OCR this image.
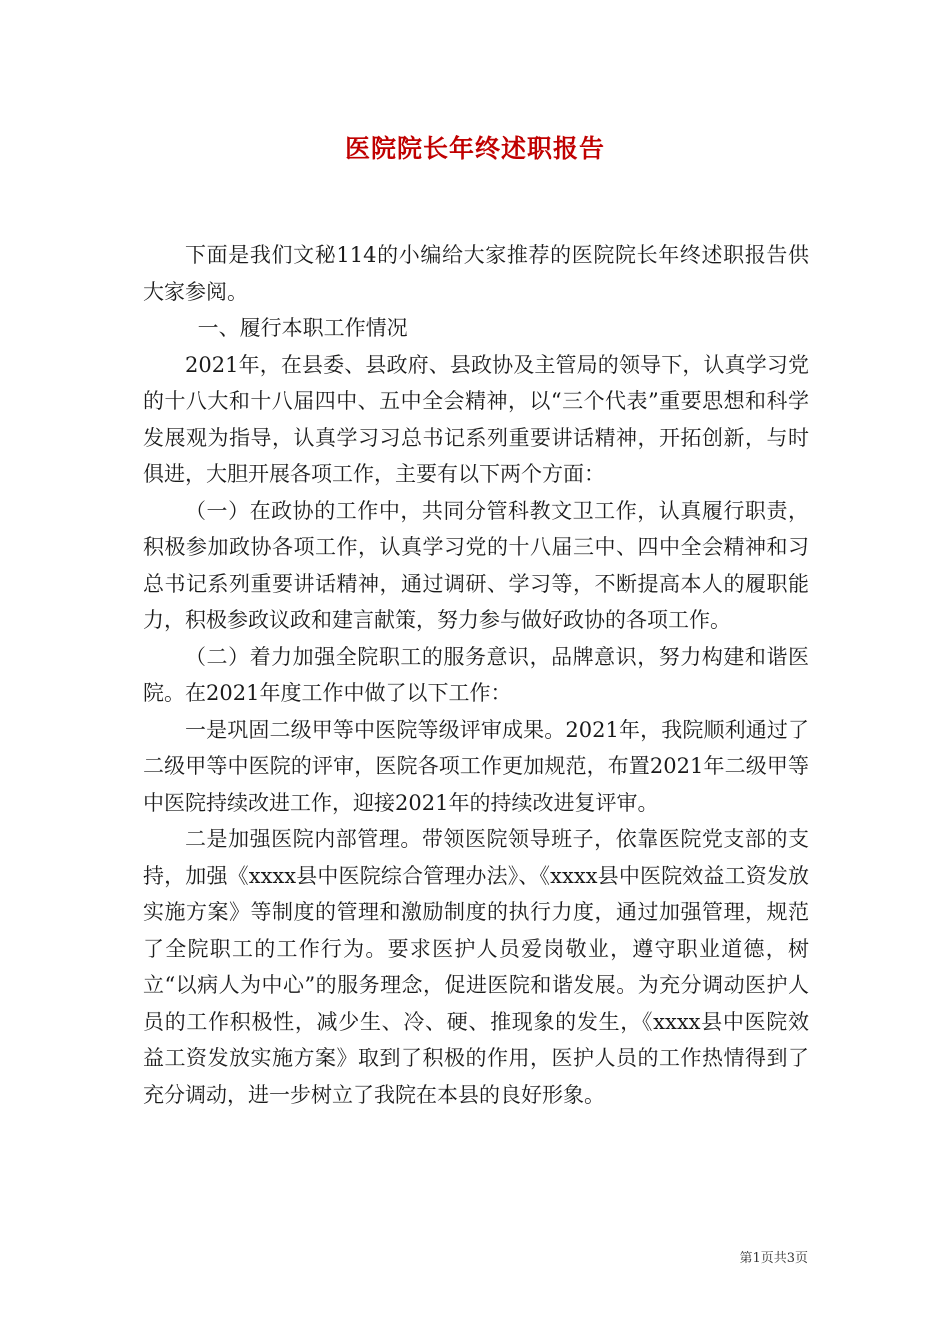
医院院长年终述职报告

下面是我们文秘114的小编给大家推荐的医院院长年终述职报告供大家参阅。

一、履行本职工作情况

2021年，在县委、县政府、县政协及主管局的领导下，认真学习党的十八大和十八届四中、五中全会精神，以“三个代表”重要思想和科学发展观为指导，认真学习习总书记系列重要讲话精神，开拓创新，与时俱进，大胆开展各项工作，主要有以下两个方面：

（一）在政协的工作中，共同分管科教文卫工作，认真履行职责，积极参加政协各项工作，认真学习党的十八届三中、四中全会精神和习总书记系列重要讲话精神，通过调研、学习等，不断提高本人的履职能力，积极参政议政和建言献策，努力参与做好政协的各项工作。

（二）着力加强全院职工的服务意识，品牌意识，努力构建和谐医院。在2021年度工作中做了以下工作：

一是巩固二级甲等中医院等级评审成果。2021年，我院顺利通过了二级甲等中医院的评审，医院各项工作更加规范，布置2021年二级甲等中医院持续改进工作，迎接2021年的持续改进复评审。

二是加强医院内部管理。带领医院领导班子，依靠医院党支部的支持，加强《xxxx县中医院综合管理办法》、《xxxx县中医院效益工资发放实施方案》等制度的管理和激励制度的执行力度，通过加强管理，规范了全院职工的工作行为。要求医护人员爱岗敬业，遵守职业道德，树立“以病人为中心”的服务理念，促进医院和谐发展。为充分调动医护人员的工作积极性，减少生、冷、硬、推现象的发生，《xxxx县中医院效益工资发放实施方案》取到了积极的作用，医护人员的工作热情得到了充分调动，进一步树立了我院在本县的良好形象。

第1页共3页
